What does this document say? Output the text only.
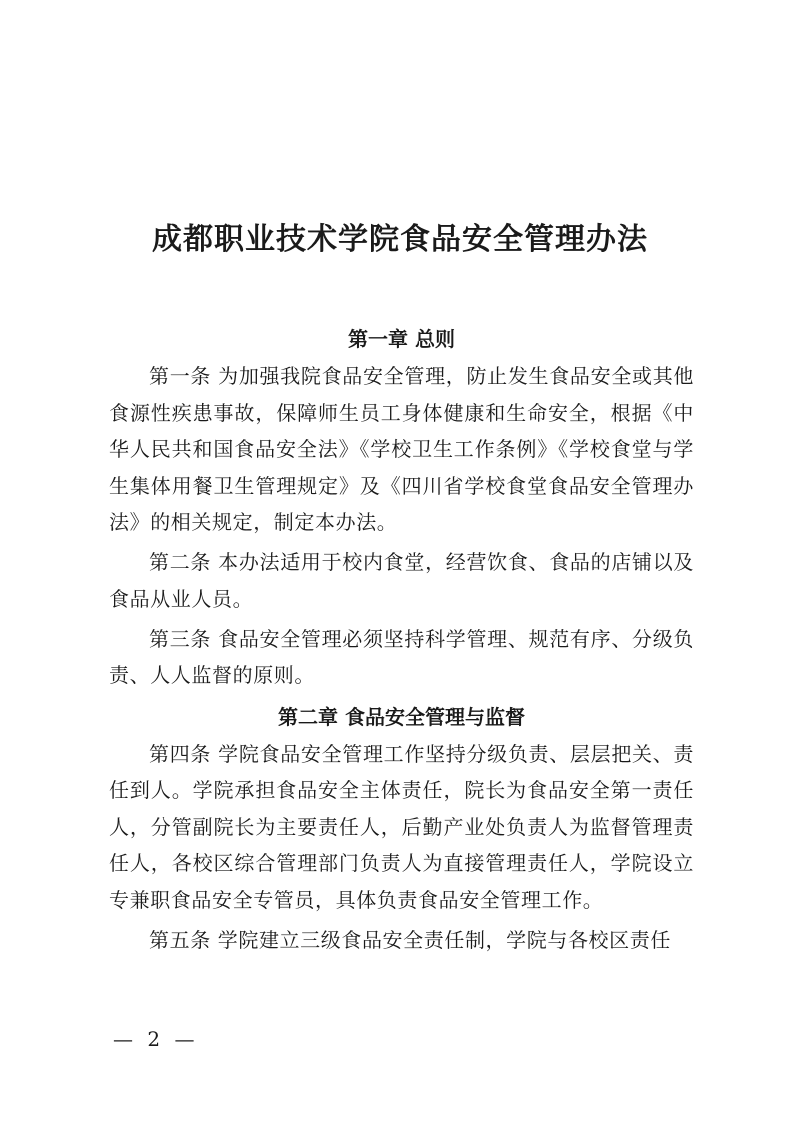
成都职业技术学院食品安全管理办法
第一章 总则

第一条 为加强我院食品安全管理，防止发生食品安全或其他食源性疾患事故，保障师生员工身体健康和生命安全，根据《中华人民共和国食品安全法》《学校卫生工作条例》《学校食堂与学生集体用餐卫生管理规定》及《四川省学校食堂食品安全管理办法》的相关规定，制定本办法。

第二条 本办法适用于校内食堂，经营饮食、食品的店铺以及食品从业人员。

第三条 食品安全管理必须坚持科学管理、规范有序、分级负责、人人监督的原则。

第二章 食品安全管理与监督

第四条 学院食品安全管理工作坚持分级负责、层层把关、责任到人。学院承担食品安全主体责任，院长为食品安全第一责任人，分管副院长为主要责任人，后勤产业处负责人为监督管理责任人，各校区综合管理部门负责人为直接管理责任人，学院设立专兼职食品安全专管员，具体负责食品安全管理工作。

第五条 学院建立三级食品安全责任制，学院与各校区责任

— 2 —
